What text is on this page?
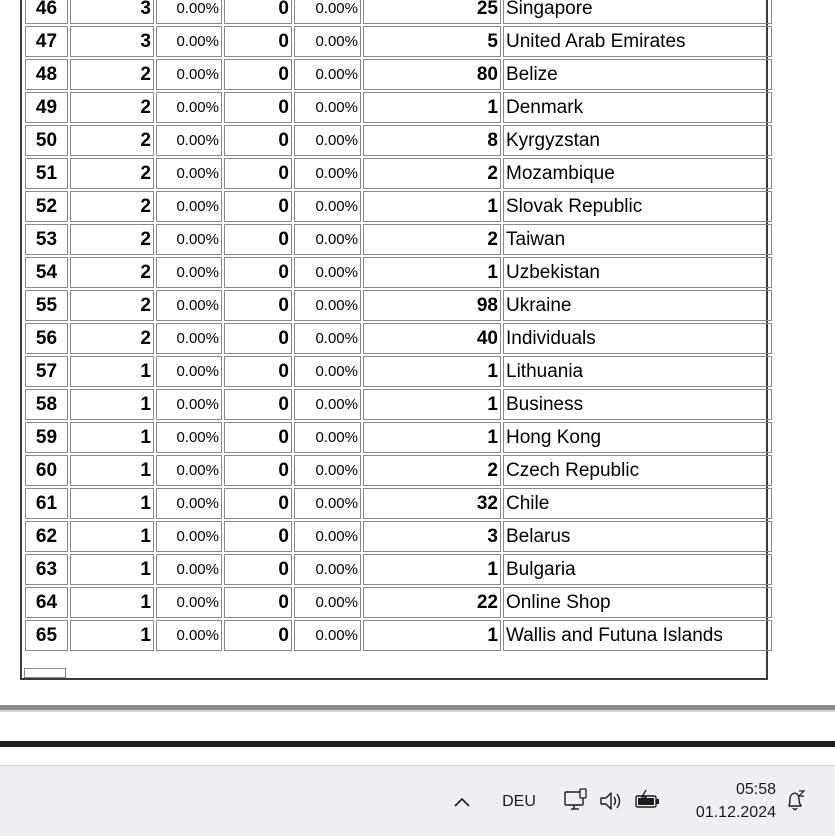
46	3	0.00%	0	0.00%	25	Singapore
47	3	0.00%	0	0.00%	5	United Arab Emirates
48	2	0.00%	0	0.00%	80	Belize
49	2	0.00%	0	0.00%	1	Denmark
50	2	0.00%	0	0.00%	8	Kyrgyzstan
51	2	0.00%	0	0.00%	2	Mozambique
52	2	0.00%	0	0.00%	1	Slovak Republic
53	2	0.00%	0	0.00%	2	Taiwan
54	2	0.00%	0	0.00%	1	Uzbekistan
55	2	0.00%	0	0.00%	98	Ukraine
56	2	0.00%	0	0.00%	40	Individuals
57	1	0.00%	0	0.00%	1	Lithuania
58	1	0.00%	0	0.00%	1	Business
59	1	0.00%	0	0.00%	1	Hong Kong
60	1	0.00%	0	0.00%	2	Czech Republic
61	1	0.00%	0	0.00%	32	Chile
62	1	0.00%	0	0.00%	3	Belarus
63	1	0.00%	0	0.00%	1	Bulgaria
64	1	0.00%	0	0.00%	22	Online Shop
65	1	0.00%	0	0.00%	1	Wallis and Futuna Islands
DEU
05:58
01.12.2024
